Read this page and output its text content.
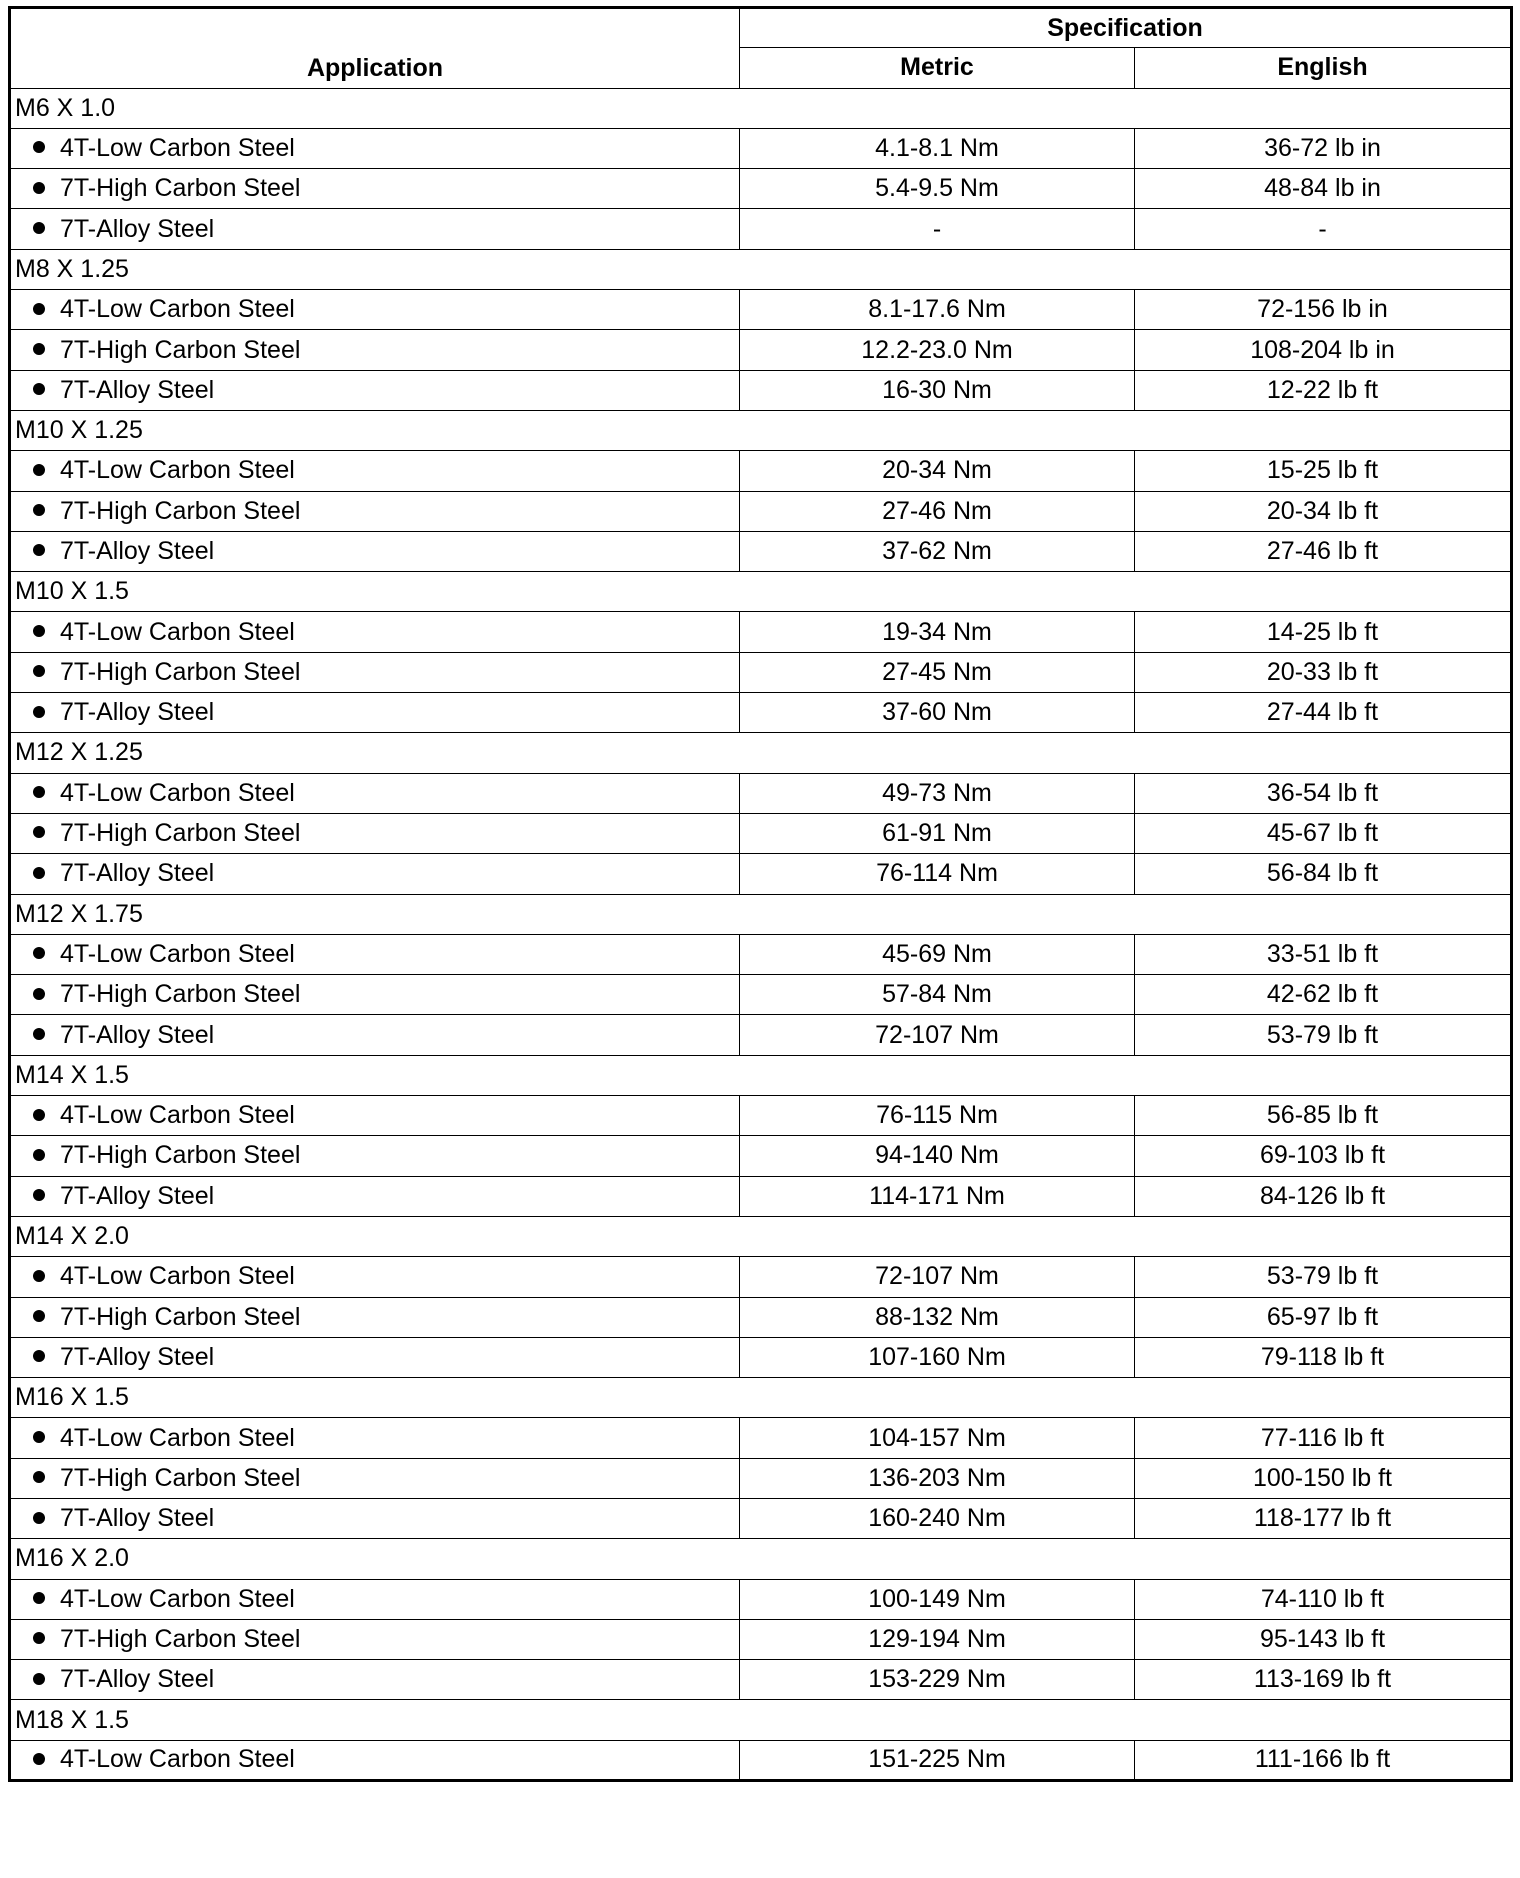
Application	Specification	
	Metric	English
M6 X 1.0		
4T-Low Carbon Steel	4.1-8.1 Nm	36-72 lb in
7T-High Carbon Steel	5.4-9.5 Nm	48-84 lb in
7T-Alloy Steel	-	-
M8 X 1.25		
4T-Low Carbon Steel	8.1-17.6 Nm	72-156 lb in
7T-High Carbon Steel	12.2-23.0 Nm	108-204 lb in
7T-Alloy Steel	16-30 Nm	12-22 lb ft
M10 X 1.25		
4T-Low Carbon Steel	20-34 Nm	15-25 lb ft
7T-High Carbon Steel	27-46 Nm	20-34 lb ft
7T-Alloy Steel	37-62 Nm	27-46 lb ft
M10 X 1.5		
4T-Low Carbon Steel	19-34 Nm	14-25 lb ft
7T-High Carbon Steel	27-45 Nm	20-33 lb ft
7T-Alloy Steel	37-60 Nm	27-44 lb ft
M12 X 1.25		
4T-Low Carbon Steel	49-73 Nm	36-54 lb ft
7T-High Carbon Steel	61-91 Nm	45-67 lb ft
7T-Alloy Steel	76-114 Nm	56-84 lb ft
M12 X 1.75		
4T-Low Carbon Steel	45-69 Nm	33-51 lb ft
7T-High Carbon Steel	57-84 Nm	42-62 lb ft
7T-Alloy Steel	72-107 Nm	53-79 lb ft
M14 X 1.5		
4T-Low Carbon Steel	76-115 Nm	56-85 lb ft
7T-High Carbon Steel	94-140 Nm	69-103 lb ft
7T-Alloy Steel	114-171 Nm	84-126 lb ft
M14 X 2.0		
4T-Low Carbon Steel	72-107 Nm	53-79 lb ft
7T-High Carbon Steel	88-132 Nm	65-97 lb ft
7T-Alloy Steel	107-160 Nm	79-118 lb ft
M16 X 1.5		
4T-Low Carbon Steel	104-157 Nm	77-116 lb ft
7T-High Carbon Steel	136-203 Nm	100-150 lb ft
7T-Alloy Steel	160-240 Nm	118-177 lb ft
M16 X 2.0		
4T-Low Carbon Steel	100-149 Nm	74-110 lb ft
7T-High Carbon Steel	129-194 Nm	95-143 lb ft
7T-Alloy Steel	153-229 Nm	113-169 lb ft
M18 X 1.5		
4T-Low Carbon Steel	151-225 Nm	111-166 lb ft
